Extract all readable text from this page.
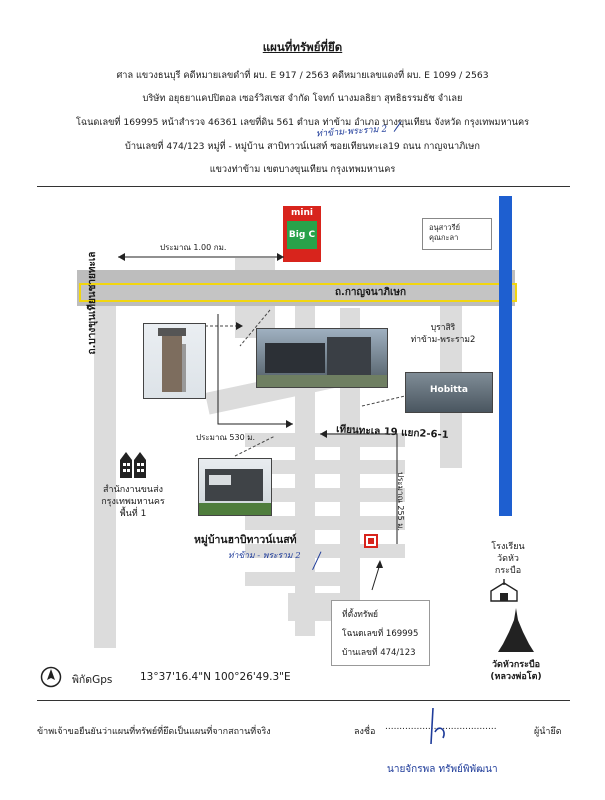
แผนที่ทรัพย์ที่ยึด
ศาล แขวงธนบุรี คดีหมายเลขดำที่ ผบ. E 917 / 2563 คดีหมายเลขแดงที่ ผบ. E 1099 / 2563
บริษัท อยุธยาแคปปิตอล เซอร์วิสเซส จำกัด โจทก์ นางมลธิยา สุทธิธรรมธัช จำเลย
โฉนดเลขที่ 169995 หน้าสำรวจ 46361 เลขที่ดิน 561 ตำบล ท่าข้าม อำเภอ บางขุนเทียน จังหวัด กรุงเทพมหานคร
บ้านเลขที่ 474/123 หมู่ที่ - หมู่บ้าน สาบิทาวน์เนสท์ ซอยเทียนทะเล19 ถนน กาญจนาภิเษก
แขวงท่าข้าม เขตบางขุนเทียน กรุงเทพมหานคร
ท่าข้าม-พระราม 2
ถ.กาญจนาภิเษก
ถ.บางขุนเทียนชายทะเล
mini
Big C
อนุสาวรีย์
คุณกะลา
ประมาณ 1.00 กม.
บุราสิริ
ท่าข้าม-พระราม2
Hobitta
เทียนทะเล 19 แยก2-6-1
ประมาณ 530 ม.
ประมาณ 255 ม.
สำนักงานขนส่ง
กรุงเทพมหานคร
พื้นที่ 1
หมู่บ้านฮาบิทาวน์เนสท์
ท่าข้าม - พระราม 2
ที่ตั้งทรัพย์
โฉนดเลขที่ 169995
บ้านเลขที่ 474/123
โรงเรียน
วัดหัว
กระบือ
วัดหัวกระบือ
(หลวงพ่อโต)
พิกัดGps	13°37'16.4"N 100°26'49.3"E
ข้าพเจ้าขอยืนยันว่าแผนที่ทรัพย์ที่ยึดเป็นแผนที่จากสถานที่จริง	ลงชื่อ .......................................	ผู้นำยึด
นายจักรพล ทรัพย์พิพัฒนา
